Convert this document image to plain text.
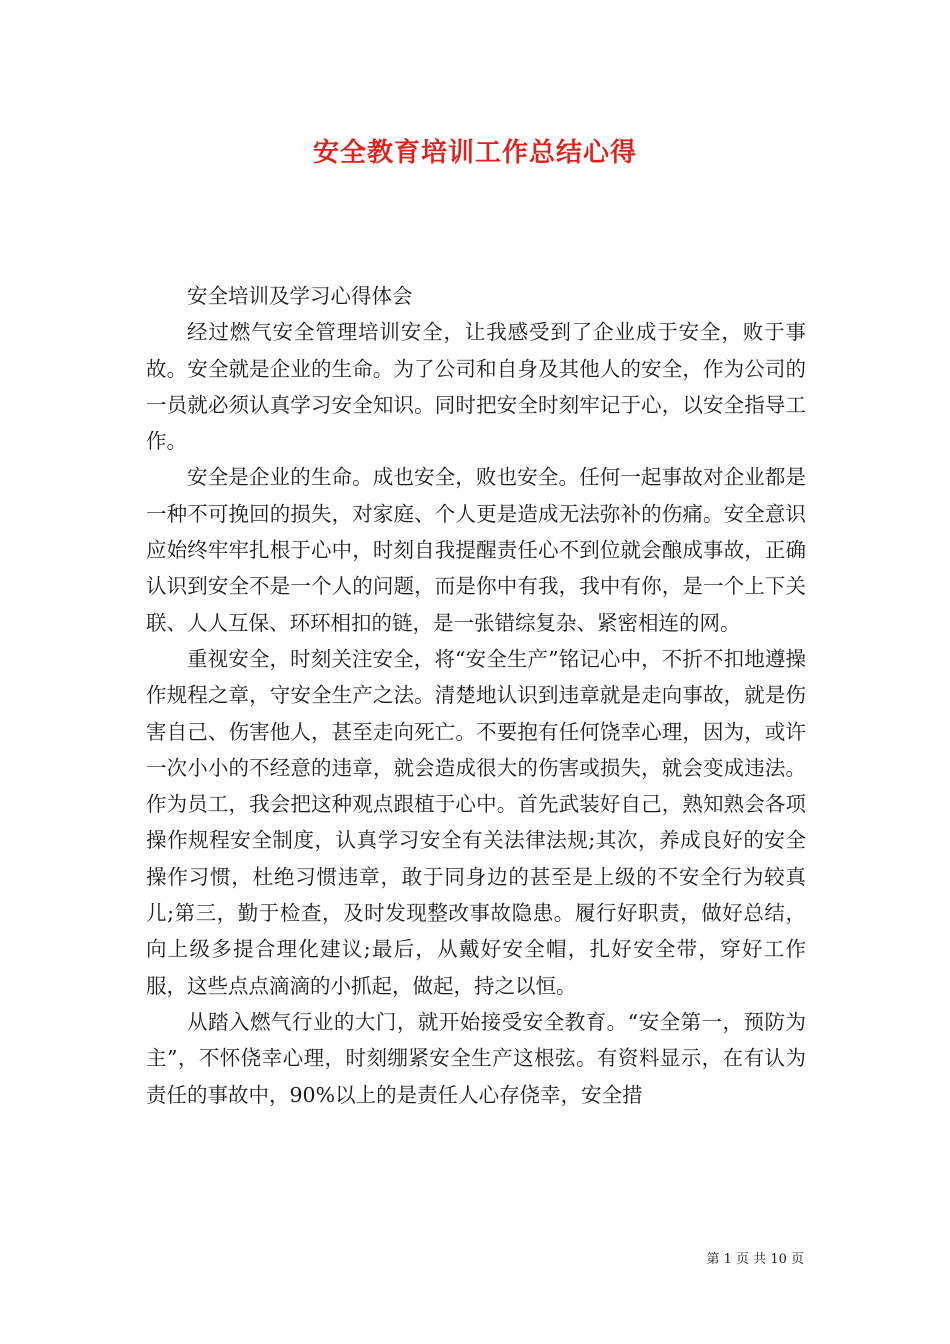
安全教育培训工作总结心得

安全培训及学习心得体会

经过燃气安全管理培训安全，让我感受到了企业成于安全，败于事故。安全就是企业的生命。为了公司和自身及其他人的安全，作为公司的一员就必须认真学习安全知识。同时把安全时刻牢记于心，以安全指导工作。

安全是企业的生命。成也安全，败也安全。任何一起事故对企业都是一种不可挽回的损失，对家庭、个人更是造成无法弥补的伤痛。安全意识应始终牢牢扎根于心中，时刻自我提醒责任心不到位就会酿成事故，正确认识到安全不是一个人的问题，而是你中有我，我中有你，是一个上下关联、人人互保、环环相扣的链，是一张错综复杂、紧密相连的网。

重视安全，时刻关注安全，将“安全生产”铭记心中，不折不扣地遵操作规程之章，守安全生产之法。清楚地认识到违章就是走向事故，就是伤害自己、伤害他人，甚至走向死亡。不要抱有任何饶幸心理，因为，或许一次小小的不经意的违章，就会造成很大的伤害或损失，就会变成违法。作为员工，我会把这种观点跟植于心中。首先武装好自己，熟知熟会各项操作规程安全制度，认真学习安全有关法律法规;其次，养成良好的安全操作习惯，杜绝习惯违章，敢于同身边的甚至是上级的不安全行为较真儿;第三，勤于检查，及时发现整改事故隐患。履行好职责，做好总结，向上级多提合理化建议;最后，从戴好安全帽，扎好安全带，穿好工作服，这些点点滴滴的小抓起，做起，持之以恒。

从踏入燃气行业的大门，就开始接受安全教育。“安全第一，预防为主”，不怀侥幸心理，时刻绷紧安全生产这根弦。有资料显示，在有认为责任的事故中，90%以上的是责任人心存侥幸，安全措

第 1 页 共 10 页
